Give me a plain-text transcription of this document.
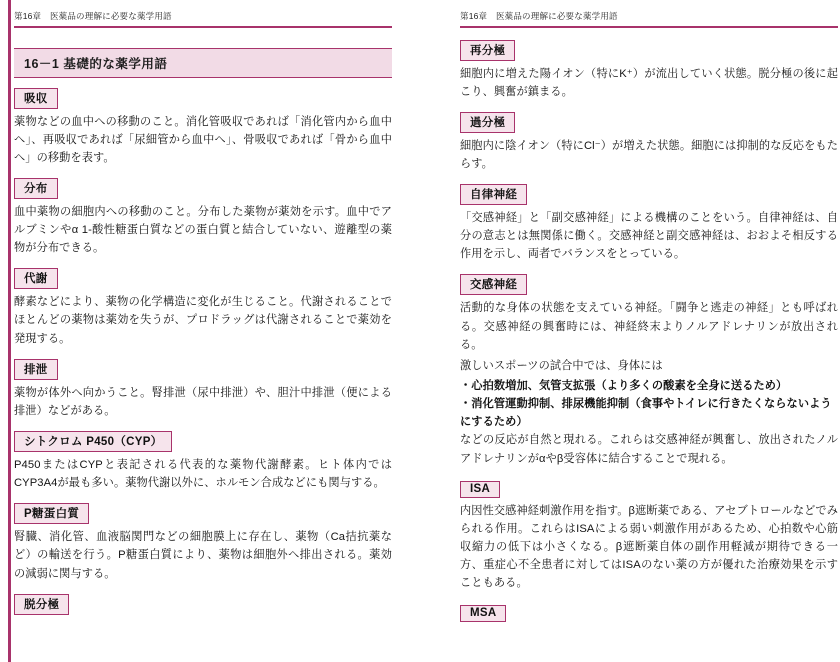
第16章　医薬品の理解に必要な薬学用語
16－1 基礎的な薬学用語
吸収

薬物などの血中への移動のこと。消化管吸収であれば「消化管内から血中へ」、再吸収であれば「尿細管から血中へ」、骨吸収であれば「骨から血中へ」の移動を表す。

分布

血中薬物の細胞内への移動のこと。分布した薬物が薬効を示す。血中でアルブミンやα 1-酸性糖蛋白質などの蛋白質と結合していない、遊離型の薬物が分布できる。

代謝

酵素などにより、薬物の化学構造に変化が生じること。代謝されることでほとんどの薬物は薬効を失うが、プロドラッグは代謝されることで薬効を発現する。

排泄

薬物が体外へ向かうこと。腎排泄（尿中排泄）や、胆汁中排泄（便による排泄）などがある。

シトクロム P450（CYP）

P450またはCYPと表記される代表的な薬物代謝酵素。ヒト体内ではCYP3A4が最も多い。薬物代謝以外に、ホルモン合成などにも関与する。

P糖蛋白質

腎臓、消化管、血液脳関門などの細胞膜上に存在し、薬物（Ca拮抗薬など）の輸送を行う。P糖蛋白質により、薬物は細胞外へ排出される。薬効の減弱に関与する。

脱分極
第16章　医薬品の理解に必要な薬学用語
再分極

細胞内に増えた陽イオン（特にK⁺）が流出していく状態。脱分極の後に起こり、興奮が鎮まる。

過分極

細胞内に陰イオン（特にCl⁻）が増えた状態。細胞には抑制的な反応をもたらす。

自律神経

「交感神経」と「副交感神経」による機構のことをいう。自律神経は、自分の意志とは無関係に働く。交感神経と副交感神経は、おおよそ相反する作用を示し、両者でバランスをとっている。

交感神経

活動的な身体の状態を支えている神経。「闘争と逃走の神経」とも呼ばれる。交感神経の興奮時には、神経終末よりノルアドレナリンが放出される。

激しいスポーツの試合中では、身体には

・心拍数増加、気管支拡張（より多くの酸素を全身に送るため）

・消化管運動抑制、排尿機能抑制（食事やトイレに行きたくならないようにするため）

などの反応が自然と現れる。これらは交感神経が興奮し、放出されたノルアドレナリンがαやβ受容体に結合することで現れる。

ISA

内因性交感神経刺激作用を指す。β遮断薬である、アセブトロールなどでみられる作用。これらはISAによる弱い刺激作用があるため、心拍数や心筋収縮力の低下は小さくなる。β遮断薬自体の副作用軽減が期待できる一方、重症心不全患者に対してはISAのない薬の方が優れた治療効果を示すこともある。

MSA
